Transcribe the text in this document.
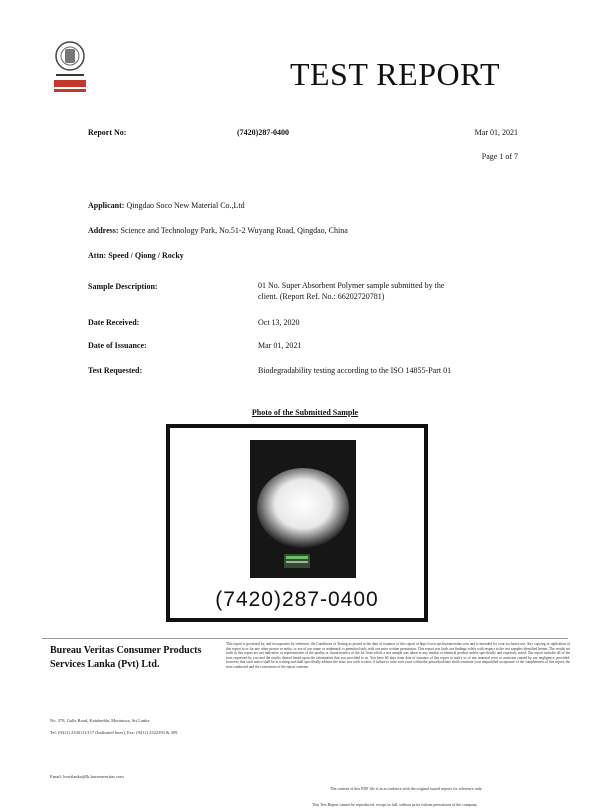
TEST REPORT
Report No:	(7420)287-0400	Mar 01, 2021
Page 1 of 7
Applicant: Qingdao Soco New Material Co.,Ltd
Address: Science and Technology Park, No.51-2 Wuyang Road, Qingdao, China
Attn: Speed / Qiong / Rocky
Sample Description:	01 No. Super Absorbent Polymer sample submitted by the
client. (Report Ref. No.: 66202720781)
Date Received:	Oct 13, 2020
Date of Issuance:	Mar 01, 2021
Test Requested:	Biodegradability testing according to the ISO 14855-Part 01
Photo of the Submitted Sample
(7420)287-0400
Bureau Veritas Consumer Products Services Lanka (Pvt) Ltd.
This report is governed by, and incorporates by reference, the Conditions of Testing as posted at the date of issuance of this report at http://www.cps.bureauveritas.com and is intended for your exclusive use. Any copying or replication of this report to or for any other person or entity, or use of our name or trademark, is permitted only with our prior written permission. This report sets forth our findings solely with respect to the test samples identified herein. The results set forth in this report are not indicative or representative of the quality or characteristics of the lot from which a test sample was taken or any similar or identical product unless specifically and expressly noted. Our report includes all of the tests requested by you and the results thereof based upon the information that you provided to us. You have 60 days from date of issuance of this report to notify us of any material error or omission caused by our negligence, provided, however, that such notice shall be in writing and shall specifically address the issue you wish to raise. A failure to raise such issue within the prescribed time shall constitute your unqualified acceptance of the completeness of this report, the tests conducted and the correctness of the report contents.
No. 378, Galle Road, Katubedda, Moratuwa, Sri Lanka
Tel: (9411) 2330111/117 (Indicated lines), Fax: (9411) 2322393 & 399
Email: bvsrilanka@lk.bureauveritas.com
The content of this PDF file is in accordance with the original issued reports for reference only.
This Test Report cannot be reproduced, except in full, without prior written permission of the company.
